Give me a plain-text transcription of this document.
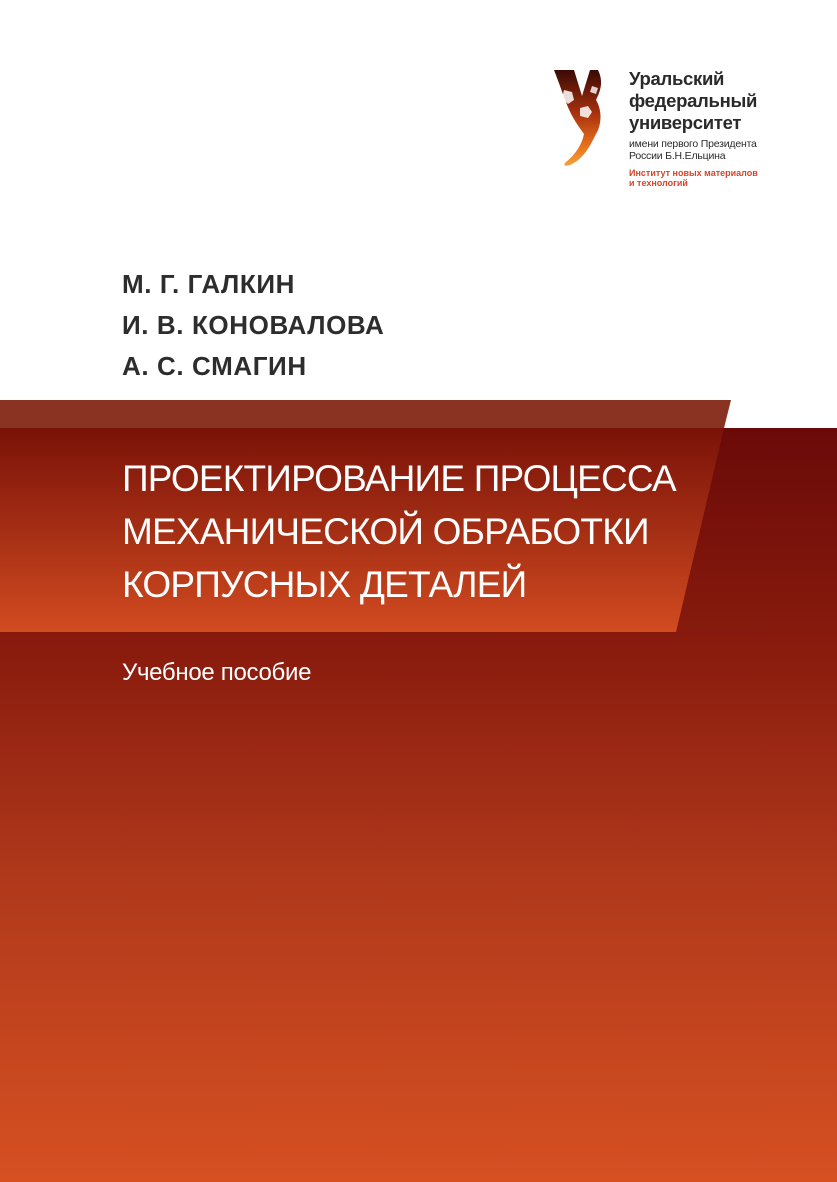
Уральский
федеральный
университет
имени первого Президента
России Б.Н.Ельцина
Институт новых материалов
и технологий
М. Г. ГАЛКИН
И. В. КОНОВАЛОВА
А. С. СМАГИН
ПРОЕКТИРОВАНИЕ ПРОЦЕССА
МЕХАНИЧЕСКОЙ ОБРАБОТКИ
КОРПУСНЫХ ДЕТАЛЕЙ
Учебное пособие
